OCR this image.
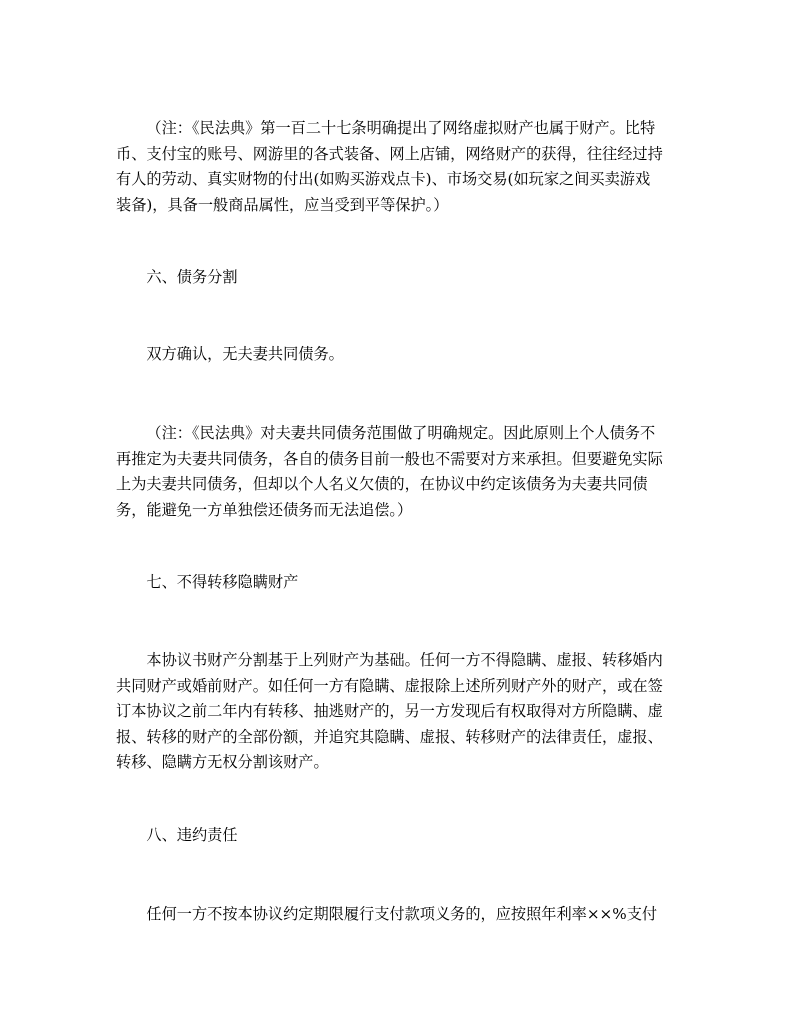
（注：《民法典》第一百二十七条明确提出了网络虚拟财产也属于财产。比特
币、支付宝的账号、网游里的各式装备、网上店铺，网络财产的获得，往往经过持
有人的劳动、真实财物的付出(如购买游戏点卡)、市场交易(如玩家之间买卖游戏
装备)，具备一般商品属性，应当受到平等保护。）

六、债务分割

双方确认，无夫妻共同债务。

（注：《民法典》对夫妻共同债务范围做了明确规定。因此原则上个人债务不
再推定为夫妻共同债务，各自的债务目前一般也不需要对方来承担。但要避免实际
上为夫妻共同债务，但却以个人名义欠债的，在协议中约定该债务为夫妻共同债
务，能避免一方单独偿还债务而无法追偿。）

七、不得转移隐瞒财产

本协议书财产分割基于上列财产为基础。任何一方不得隐瞒、虚报、转移婚内
共同财产或婚前财产。如任何一方有隐瞒、虚报除上述所列财产外的财产，或在签
订本协议之前二年内有转移、抽逃财产的，另一方发现后有权取得对方所隐瞒、虚
报、转移的财产的全部份额，并追究其隐瞒、虚报、转移财产的法律责任，虚报、
转移、隐瞒方无权分割该财产。

八、违约责任

任何一方不按本协议约定期限履行支付款项义务的，应按照年利率××%支付
